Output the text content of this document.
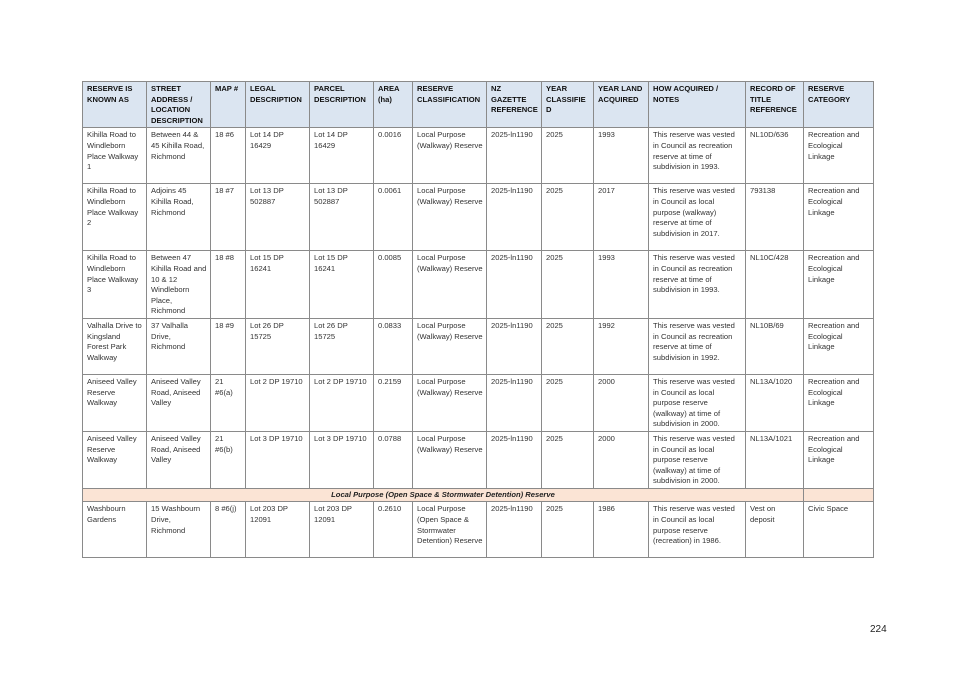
RESERVE IS KNOWN AS	STREET ADDRESS / LOCATION DESCRIPTION	MAP #	LEGAL DESCRIPTION	PARCEL DESCRIPTION	AREA (ha)	RESERVE CLASSIFICATION	NZ GAZETTE REFERENCE	YEAR CLASSIFIED	YEAR LAND ACQUIRED	HOW ACQUIRED / NOTES	RECORD OF TITLE REFERENCE	RESERVE CATEGORY
Kihilla Road to Windleborn Place Walkway 1	Between 44 & 45 Kihilla Road, Richmond	18 #6	Lot 14 DP 16429	Lot 14 DP 16429	0.0016	Local Purpose (Walkway) Reserve	2025-ln1190	2025	1993	This reserve was vested in Council as recreation reserve at time of subdivision in 1993.	NL10D/636	Recreation and Ecological Linkage
Kihilla Road to Windleborn Place Walkway 2	Adjoins 45 Kihilla Road, Richmond	18 #7	Lot 13 DP 502887	Lot 13 DP 502887	0.0061	Local Purpose (Walkway) Reserve	2025-ln1190	2025	2017	This reserve was vested in Council as local purpose (walkway) reserve at time of subdivision in 2017.	793138	Recreation and Ecological Linkage
Kihilla Road to Windleborn Place Walkway 3	Between 47 Kihilla Road and 10 & 12 Windleborn Place, Richmond	18 #8	Lot 15 DP 16241	Lot 15 DP 16241	0.0085	Local Purpose (Walkway) Reserve	2025-ln1190	2025	1993	This reserve was vested in Council as recreation reserve at time of subdivision in 1993.	NL10C/428	Recreation and Ecological Linkage
Valhalla Drive to Kingsland Forest Park Walkway	37 Valhalla Drive, Richmond	18 #9	Lot 26 DP 15725	Lot 26 DP 15725	0.0833	Local Purpose (Walkway) Reserve	2025-ln1190	2025	1992	This reserve was vested in Council as recreation reserve at time of subdivision in 1992.	NL10B/69	Recreation and Ecological Linkage
Aniseed Valley Reserve Walkway	Aniseed Valley Road, Aniseed Valley	21 #6(a)	Lot 2 DP 19710	Lot 2 DP 19710	0.2159	Local Purpose (Walkway) Reserve	2025-ln1190	2025	2000	This reserve was vested in Council as local purpose reserve (walkway) at time of subdivision in 2000.	NL13A/1020	Recreation and Ecological Linkage
Aniseed Valley Reserve Walkway	Aniseed Valley Road, Aniseed Valley	21 #6(b)	Lot 3 DP 19710	Lot 3 DP 19710	0.0788	Local Purpose (Walkway) Reserve	2025-ln1190	2025	2000	This reserve was vested in Council as local purpose reserve (walkway) at time of subdivision in 2000.	NL13A/1021	Recreation and Ecological Linkage
Local Purpose (Open Space & Stormwater Detention) Reserve												
Washbourn Gardens	15 Washbourn Drive, Richmond	8 #6(j)	Lot 203 DP 12091	Lot 203 DP 12091	0.2610	Local Purpose (Open Space & Stormwater Detention) Reserve	2025-ln1190	2025	1986	This reserve was vested in Council as local purpose reserve (recreation) in 1986.	Vest on deposit	Civic Space
224
